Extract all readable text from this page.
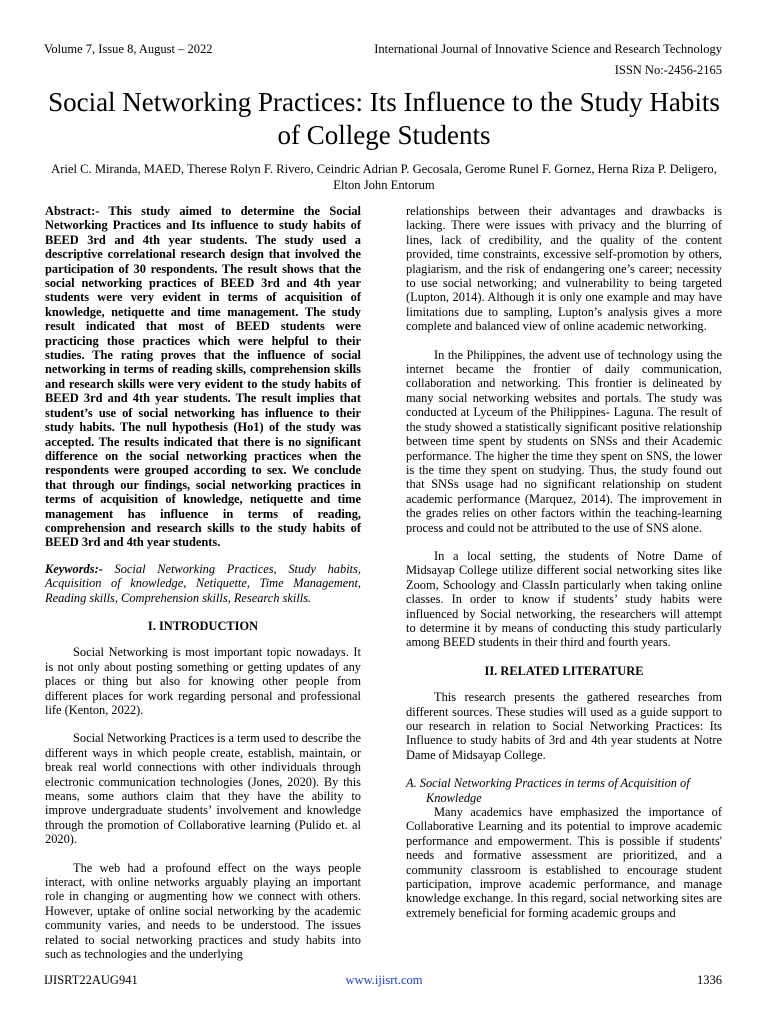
Volume 7, Issue 8, August – 2022	International Journal of Innovative Science and Research Technology
ISSN No:-2456-2165
Social Networking Practices: Its Influence to the Study Habits of College Students
Ariel C. Miranda, MAED, Therese Rolyn F. Rivero, Ceindric Adrian P. Gecosala, Gerome Runel F. Gornez, Herna Riza P. Deligero, Elton John Entorum

Abstract:- This study aimed to determine the Social Networking Practices and Its influence to study habits of BEED 3rd and 4th year students. The study used a descriptive correlational research design that involved the participation of 30 respondents. The result shows that the social networking practices of BEED 3rd and 4th year students were very evident in terms of acquisition of knowledge, netiquette and time management. The study result indicated that most of BEED students were practicing those practices which were helpful to their studies. The rating proves that the influence of social networking in terms of reading skills, comprehension skills and research skills were very evident to the study habits of BEED 3rd and 4th year students. The result implies that student’s use of social networking has influence to their study habits. The null hypothesis (Ho1) of the study was accepted. The results indicated that there is no significant difference on the social networking practices when the respondents were grouped according to sex. We conclude that through our findings, social networking practices in terms of acquisition of knowledge, netiquette and time management has influence in terms of reading, comprehension and research skills to the study habits of BEED 3rd and 4th year students.

Keywords:- Social Networking Practices, Study habits, Acquisition of knowledge, Netiquette, Time Management, Reading skills, Comprehension skills, Research skills.

I. INTRODUCTION

Social Networking is most important topic nowadays. It is not only about posting something or getting updates of any places or thing but also for knowing other people from different places for work regarding personal and professional life (Kenton, 2022).

Social Networking Practices is a term used to describe the different ways in which people create, establish, maintain, or break real world connections with other individuals through electronic communication technologies (Jones, 2020). By this means, some authors claim that they have the ability to improve undergraduate students’ involvement and knowledge through the promotion of Collaborative learning (Pulido et. al 2020).

The web had a profound effect on the ways people interact, with online networks arguably playing an important role in changing or augmenting how we connect with others. However, uptake of online social networking by the academic community varies, and needs to be understood. The issues related to social networking practices and study habits into such as technologies and the underlying

relationships between their advantages and drawbacks is lacking. There were issues with privacy and the blurring of lines, lack of credibility, and the quality of the content provided, time constraints, excessive self-promotion by others, plagiarism, and the risk of endangering one’s career; necessity to use social networking; and vulnerability to being targeted (Lupton, 2014). Although it is only one example and may have limitations due to sampling, Lupton’s analysis gives a more complete and balanced view of online academic networking.

In the Philippines, the advent use of technology using the internet became the frontier of daily communication, collaboration and networking. This frontier is delineated by many social networking websites and portals. The study was conducted at Lyceum of the Philippines- Laguna. The result of the study showed a statistically significant positive relationship between time spent by students on SNSs and their Academic performance. The higher the time they spent on SNS, the lower is the time they spent on studying. Thus, the study found out that SNSs usage had no significant relationship on student academic performance (Marquez, 2014). The improvement in the grades relies on other factors within the teaching-learning process and could not be attributed to the use of SNS alone.

In a local setting, the students of Notre Dame of Midsayap College utilize different social networking sites like Zoom, Schoology and ClassIn particularly when taking online classes. In order to know if students’ study habits were influenced by Social networking, the researchers will attempt to determine it by means of conducting this study particularly among BEED students in their third and fourth years.

II. RELATED LITERATURE

This research presents the gathered researches from different sources. These studies will used as a guide support to our research in relation to Social Networking Practices: Its Influence to study habits of 3rd and 4th year students at Notre Dame of Midsayap College.

A. Social Networking Practices in terms of Acquisition of Knowledge

Many academics have emphasized the importance of Collaborative Learning and its potential to improve academic performance and empowerment. This is possible if students' needs and formative assessment are prioritized, and a community classroom is established to encourage student participation, improve academic performance, and manage knowledge exchange. In this regard, social networking sites are extremely beneficial for forming academic groups and

IJISRT22AUG941	www.ijisrt.com	1336
